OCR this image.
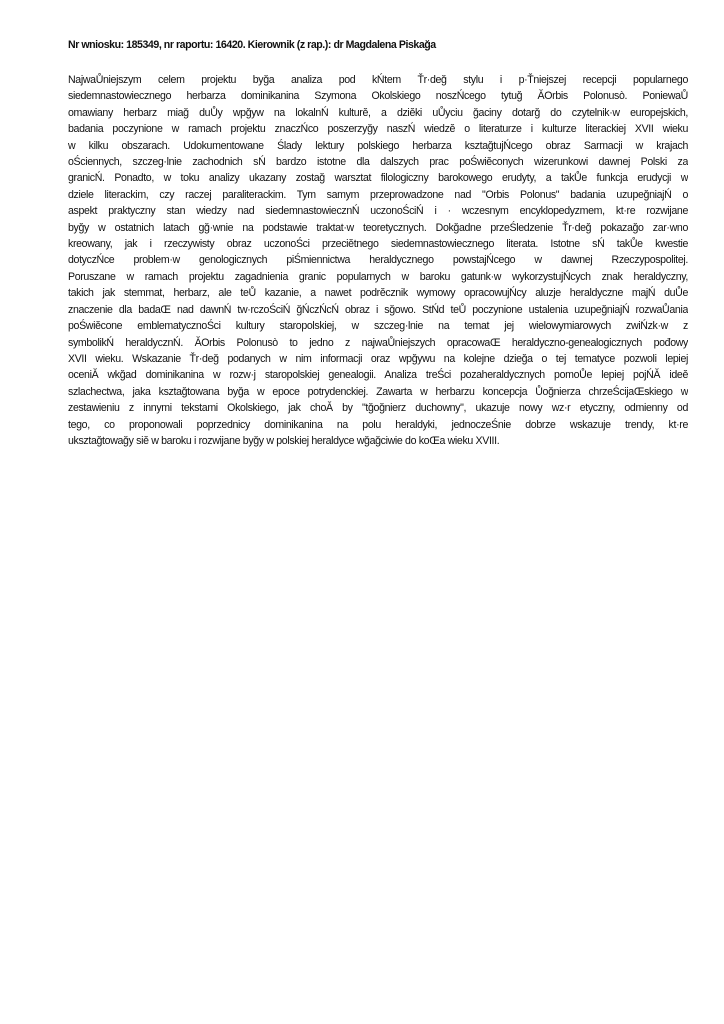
Nr wniosku: 185349, nr raportu: 16420. Kierownik (z rap.): dr Magdalena Piskağa
NajwaŮniejszym celem projektu byğa analiza pod kŃtem Ťr·değ stylu i p·Ťniejszej recepcji popularnego
siedemnastowiecznego herbarza dominikanina Szymona Okolskiego noszŃcego tytuğ ĂOrbis Polonusò. PoniewaŮ
omawiany herbarz miağ duŮy wpğyw na lokalnŃ kulturĕ, a dziĕki uŮyciu ğaciny dotarğ do czytelnik·w europejskich,
badania poczynione w ramach projektu znaczŃco poszerzyğy naszŃ wiedzĕ o literaturze i kulturze literackiej XVII wieku
w kilku obszarach. Udokumentowane Ślady lektury polskiego herbarza ksztağtujŃcego obraz Sarmacji w krajach
oŚciennych, szczeg·lnie zachodnich sŃ bardzo istotne dla dalszych prac poŚwiĕconych wizerunkowi dawnej Polski za
granicŃ. Ponadto, w toku analizy ukazany zostağ warsztat filologiczny barokowego erudyty, a takŮe funkcja erudycji w
dziele literackim, czy raczej paraliterackim. Tym samym przeprowadzone nad "Orbis Polonus" badania uzupeğniajŃ o
aspekt praktyczny stan wiedzy nad siedemnastowiecznŃ uczonoŚciŃ i · wczesnym encyklopedyzmem, kt·re rozwijane
byğy w ostatnich latach gğ·wnie na podstawie traktat·w teoretycznych. Dokğadne przeŚledzenie Ťr·değ pokazağo zar·wno
kreowany, jak i rzeczywisty obraz uczonoŚci przeciĕtnego siedemnastowiecznego literata. Istotne sŃ takŮe kwestie
dotyczŃce problem·w genologicznych piŚmiennictwa heraldycznego powstajŃcego w dawnej Rzeczypospolitej.
Poruszane w ramach projektu zagadnienia granic popularnych w baroku gatunk·w wykorzystujŃcych znak heraldyczny,
takich jak stemmat, herbarz, ale teŮ kazanie, a nawet podrĕcznik wymowy opracowujŃcy aluzje heraldyczne majŃ duŮe
znaczenie dla badaŒ nad dawnŃ tw·rczoŚciŃ ğŃczŃcŃ obraz i sğowo. StŃd teŮ poczynione ustalenia uzupeğniajŃ rozwaŮania
poŚwiĕcone emblematycznoŚci kultury staropolskiej, w szczeg·lnie na temat jej wielowymiarowych zwiŃzk·w z
symbolikŃ heraldycznŃ. ĂOrbis Polonusò to jedno z najwaŮniejszych opracowaŒ heraldyczno-genealogicznych pođowy
XVII wieku. Wskazanie Ťr·değ podanych w nim informacji oraz wpğywu na kolejne dzieğa o tej tematyce pozwoli lepiej
oceniĂ wkğad dominikanina w rozw·j staropolskiej genealogii. Analiza treŚci pozaheraldycznych pomoŮe lepiej pojŃĂ ideĕ
szlachectwa, jaka ksztağtowana byğa w epoce potrydenckiej. Zawarta w herbarzu koncepcja Ůoğnierza chrzeŚcijaŒskiego w
zestawieniu z innymi tekstami Okolskiego, jak choĂ by "tğoğnierz duchowny", ukazuje nowy wz·r etyczny, odmienny od
tego, co proponowali poprzednicy dominikanina na polu heraldyki, jednoczeŚnie dobrze wskazuje trendy, kt·re
uksztağtowağy siĕ w baroku i rozwijane byğy w polskiej heraldyce wğağciwie do koŒa wieku XVIII.
